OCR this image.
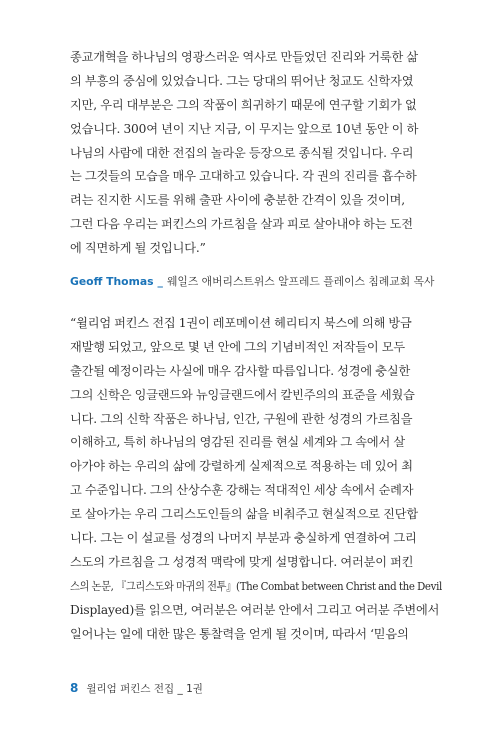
종교개혁을 하나님의 영광스러운 역사로 만들었던 진리와 거룩한 삶
의 부흥의 중심에 있었습니다. 그는 당대의 뛰어난 청교도 신학자였
지만, 우리 대부분은 그의 작품이 희귀하기 때문에 연구할 기회가 없
었습니다. 300여 년이 지난 지금, 이 무지는 앞으로 10년 동안 이 하
나님의 사람에 대한 전집의 놀라운 등장으로 종식될 것입니다. 우리
는 그것들의 모습을 매우 고대하고 있습니다. 각 권의 진리를 흡수하
려는 진지한 시도를 위해 출판 사이에 충분한 간격이 있을 것이며,
그런 다음 우리는 퍼킨스의 가르침을 살과 피로 살아내야 하는 도전
에 직면하게 될 것입니다.”
Geoff Thomas _ 웨일즈 애버리스트위스 알프레드 플레이스 침례교회 목사
“윌리엄 퍼킨스 전집 1권이 레포메이션 헤리티지 북스에 의해 방금
재발행 되었고, 앞으로 몇 년 안에 그의 기념비적인 저작들이 모두
출간될 예정이라는 사실에 매우 감사할 따름입니다. 성경에 충실한
그의 신학은 잉글랜드와 뉴잉글랜드에서 칼빈주의의 표준을 세웠습
니다. 그의 신학 작품은 하나님, 인간, 구원에 관한 성경의 가르침을
이해하고, 특히 하나님의 영감된 진리를 현실 세계와 그 속에서 살
아가야 하는 우리의 삶에 강렬하게 실제적으로 적용하는 데 있어 최
고 수준입니다. 그의 산상수훈 강해는 적대적인 세상 속에서 순례자
로 살아가는 우리 그리스도인들의 삶을 비춰주고 현실적으로 진단합
니다. 그는 이 설교를 성경의 나머지 부분과 충실하게 연결하여 그리
스도의 가르침을 그 성경적 맥락에 맞게 설명합니다. 여러분이 퍼킨
스의 논문, 『그리스도와 마귀의 전투』(The Combat between Christ and the Devil
Displayed)를 읽으면, 여러분은 여러분 안에서 그리고 여러분 주변에서
일어나는 일에 대한 많은 통찰력을 얻게 될 것이며, 따라서 ‘믿음의
8 윌리엄 퍼킨스 전집 _ 1권
